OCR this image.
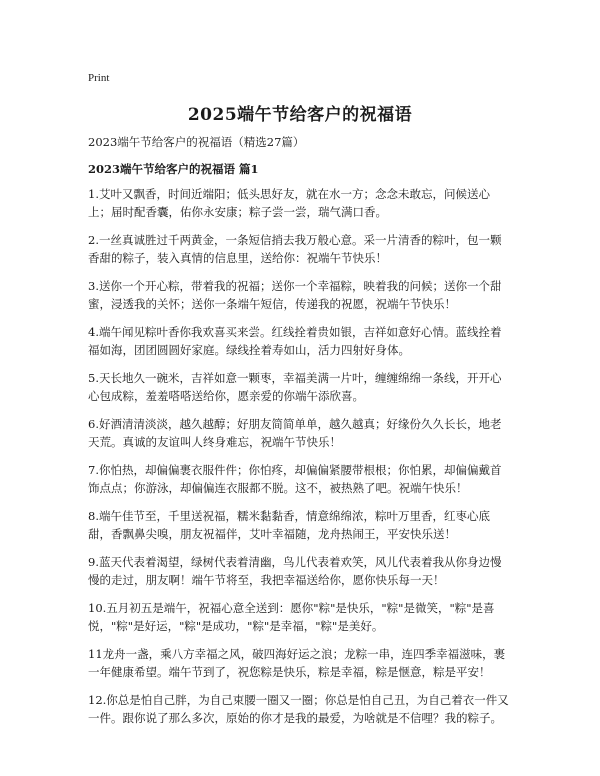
Print
2025端午节给客户的祝福语
2023端午节给客户的祝福语（精选27篇）
2023端午节给客户的祝福语 篇1

1.艾叶又飘香，时间近端阳；低头思好友，就在水一方；念念未敢忘，问候送心上；届时配香囊，佑你永安康；粽子尝一尝，瑞气满口香。

2.一丝真诚胜过千两黄金，一条短信捎去我万般心意。采一片清香的粽叶，包一颗香甜的粽子，装入真情的信息里，送给你：祝端午节快乐！

3.送你一个开心粽，带着我的祝福；送你一个幸福粽，映着我的问候；送你一个甜蜜，浸透我的关怀；送你一条端午短信，传递我的祝愿，祝端午节快乐！

4.端午闻见粽叶香你我欢喜买来尝。红线拴着贵如银，吉祥如意好心情。蓝线拴着福如海，团团圆圆好家庭。绿线拴着寿如山，活力四射好身体。

5.天长地久一碗米，吉祥如意一颗枣，幸福美满一片叶，缠缠绵绵一条线，开开心心包成粽，羞羞嗒嗒送给你，愿亲爱的你端午添欣喜。

6.好酒清清淡淡，越久越醇；好朋友简简单单，越久越真；好缘份久久长长，地老天荒。真诚的友谊叫人终身难忘，祝端午节快乐！

7.你怕热，却偏偏裹衣服件件；你怕疼，却偏偏紧腰带根根；你怕累，却偏偏戴首饰点点；你游泳，却偏偏连衣服都不脱。这不，被热熟了吧。祝端午快乐！

8.端午佳节至，千里送祝福，糯米黏黏香，情意绵绵浓，粽叶万里香，红枣心底甜，香飘鼻尖嗅，朋友祝福伴，艾叶幸福随，龙舟热闹王，平安快乐送！

9.蓝天代表着渴望，绿树代表着清幽，鸟儿代表着欢笑，风儿代表着我从你身边慢慢的走过，朋友啊！端午节将至，我把幸福送给你，愿你快乐每一天！

10.五月初五是端午，祝福心意全送到：愿你"粽"是快乐，"粽"是微笑，"粽"是喜悦，"粽"是好运，"粽"是成功，"粽"是幸福，"粽"是美好。

11龙舟一盏，乘八方幸福之风，破四海好运之浪；龙粽一串，连四季幸福滋味，裹一年健康希望。端午节到了，祝您粽是快乐，粽是幸福，粽是惬意，粽是平安！

12.你总是怕自己胖，为自己束腰一圈又一圈；你总是怕自己丑，为自己着衣一件又一件。跟你说了那么多次，原始的你才是我的最爱，为啥就是不信哩？我的粽子。
